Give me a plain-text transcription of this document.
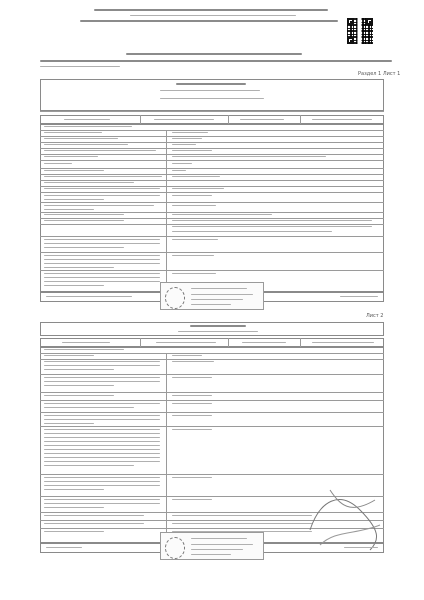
Раздел 1 Лист 1
Лист 2
